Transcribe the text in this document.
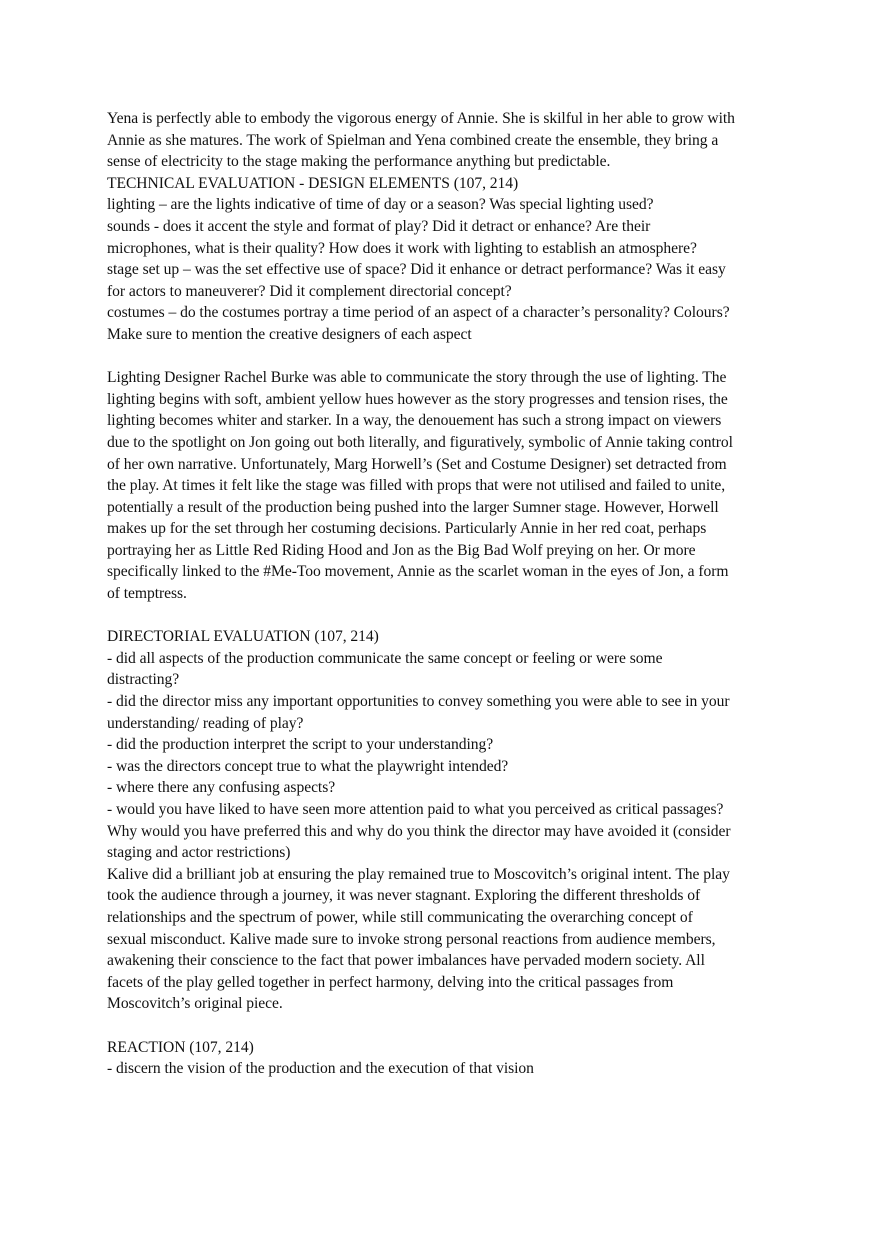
Yena is perfectly able to embody the vigorous energy of Annie. She is skilful in her able to grow with
Annie as she matures. The work of Spielman and Yena combined create the ensemble, they bring a
sense of electricity to the stage making the performance anything but predictable.
TECHNICAL EVALUATION - DESIGN ELEMENTS (107, 214)
lighting – are the lights indicative of time of day or a season? Was special lighting used?
sounds - does it accent the style and format of play? Did it detract or enhance? Are their
microphones, what is their quality? How does it work with lighting to establish an atmosphere?
stage set up – was the set effective use of space? Did it enhance or detract performance? Was it easy
for actors to maneuverer? Did it complement directorial concept?
costumes – do the costumes portray a time period of an aspect of a character’s personality? Colours?
Make sure to mention the creative designers of each aspect
Lighting Designer Rachel Burke was able to communicate the story through the use of lighting. The
lighting begins with soft, ambient yellow hues however as the story progresses and tension rises, the
lighting becomes whiter and starker. In a way, the denouement has such a strong impact on viewers
due to the spotlight on Jon going out both literally, and figuratively, symbolic of Annie taking control
of her own narrative. Unfortunately, Marg Horwell’s (Set and Costume Designer) set detracted from
the play. At times it felt like the stage was filled with props that were not utilised and failed to unite,
potentially a result of the production being pushed into the larger Sumner stage. However, Horwell
makes up for the set through her costuming decisions. Particularly Annie in her red coat, perhaps
portraying her as Little Red Riding Hood and Jon as the Big Bad Wolf preying on her. Or more
specifically linked to the #Me-Too movement, Annie as the scarlet woman in the eyes of Jon, a form
of temptress.
DIRECTORIAL EVALUATION (107, 214)
- did all aspects of the production communicate the same concept or feeling or were some
distracting?
- did the director miss any important opportunities to convey something you were able to see in your
understanding/ reading of play?
- did the production interpret the script to your understanding?
- was the directors concept true to what the playwright intended?
- where there any confusing aspects?
- would you have liked to have seen more attention paid to what you perceived as critical passages?
Why would you have preferred this and why do you think the director may have avoided it (consider
staging and actor restrictions)
Kalive did a brilliant job at ensuring the play remained true to Moscovitch’s original intent. The play
took the audience through a journey, it was never stagnant. Exploring the different thresholds of
relationships and the spectrum of power, while still communicating the overarching concept of
sexual misconduct. Kalive made sure to invoke strong personal reactions from audience members,
awakening their conscience to the fact that power imbalances have pervaded modern society. All
facets of the play gelled together in perfect harmony, delving into the critical passages from
Moscovitch’s original piece.
REACTION (107, 214)
- discern the vision of the production and the execution of that vision
